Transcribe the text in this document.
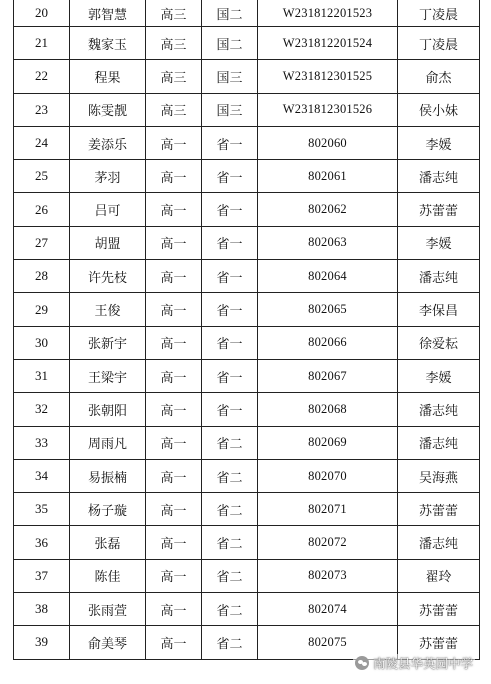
20	郭智慧	高三	国二	W231812201523	丁凌晨
21	魏家玉	高三	国二	W231812201524	丁凌晨
22	程果	高三	国三	W231812301525	俞杰
23	陈雯靓	高三	国三	W231812301526	侯小妹
24	姜添乐	高一	省一	802060	李媛
25	茅羽	高一	省一	802061	潘志纯
26	吕可	高一	省一	802062	苏蕾蕾
27	胡盟	高一	省一	802063	李媛
28	许先枝	高一	省一	802064	潘志纯
29	王俊	高一	省一	802065	李保昌
30	张新宇	高一	省一	802066	徐爱耘
31	王梁宇	高一	省一	802067	李媛
32	张朝阳	高一	省一	802068	潘志纯
33	周雨凡	高一	省二	802069	潘志纯
34	易振楠	高一	省二	802070	吴海燕
35	杨子璇	高一	省二	802071	苏蕾蕾
36	张磊	高一	省二	802072	潘志纯
37	陈佳	高一	省二	802073	翟玲
38	张雨萱	高一	省二	802074	苏蕾蕾
39	俞美琴	高一	省二	802075	苏蕾蕾
南陵县华英园中学
